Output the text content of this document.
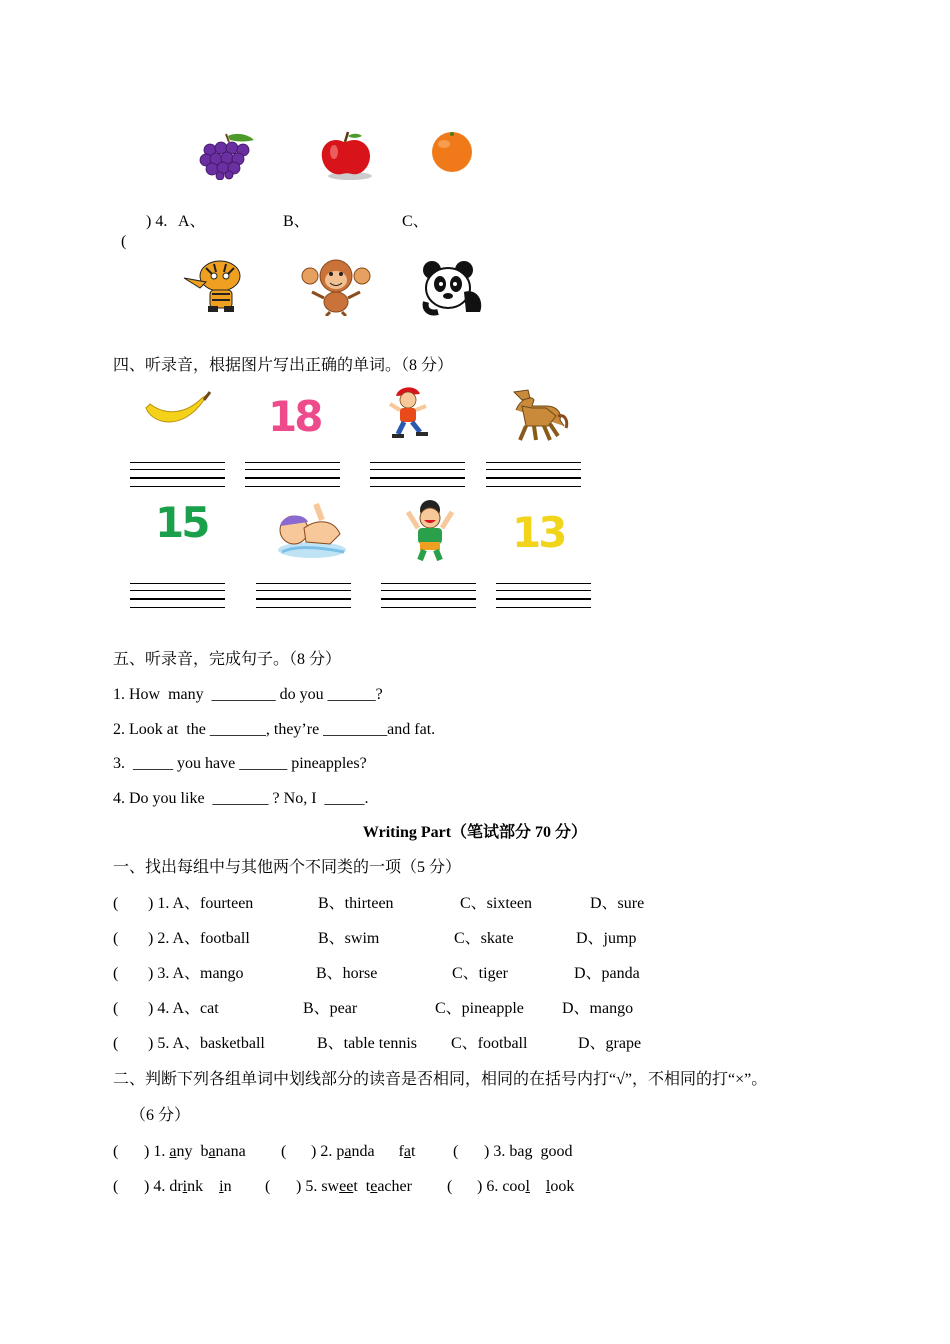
(

) 4. A、	B、	C、
四、听录音，根据图片写出正确的单词。（8 分）
18
15	13
五、听录音，完成句子。（8 分）
1. How  many  ________ do you ______?
2. Look at  the _______, they’re ________and fat.
3.  _____ you have ______ pineapples?
4. Do you like  _______ ? No, I  _____.
Writing Part（笔试部分 70 分）
一、找出每组中与其他两个不同类的一项（5 分）
( ) 1. A、fourteen	B、thirteen	C、sixteen	D、sure
( ) 2. A、football	B、swim	C、skate	D、jump
( ) 3. A、mango	B、horse	C、tiger	D、panda
( ) 4. A、cat	B、pear	C、pineapple D、mango
( ) 5. A、basketball	B、table tennis C、football	D、grape
二、判断下列各组单词中划线部分的读音是否相同，相同的在括号内打“√”，不相同的打“×”。
（6 分）
( ) 1. any banana ( ) 2. panda fat ( ) 3. bag good
( ) 4. drink in ( ) 5. sweet teacher ( ) 6. cool look
